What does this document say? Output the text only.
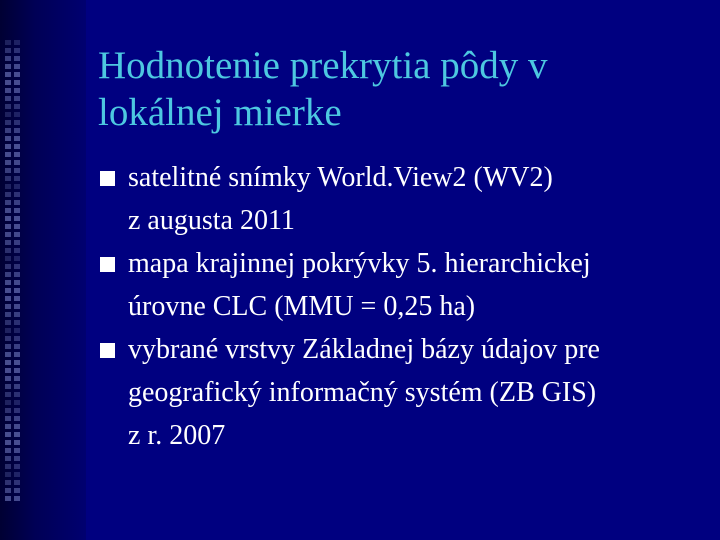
Hodnotenie prekrytia pôdy v
lokálnej mierke
satelitné snímky World.View2 (WV2)
z augusta 2011
mapa krajinnej pokrývky 5. hierarchickej
úrovne CLC (MMU = 0,25 ha)
vybrané vrstvy Základnej bázy údajov pre
geografický informačný systém (ZB GIS)
z r. 2007
